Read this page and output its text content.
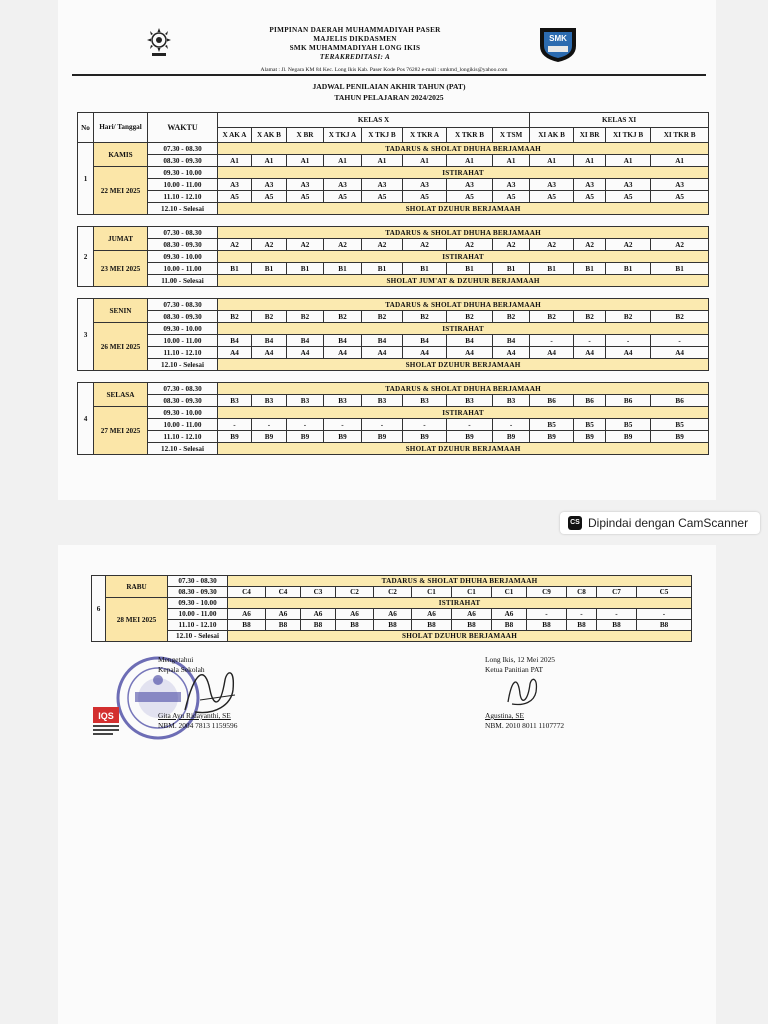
PIMPINAN DAERAH MUHAMMADIYAH PASER
MAJELIS DIKDASMEN
SMK MUHAMMADIYAH LONG IKIS
TERAKREDITASI: A
Alamat : Jl. Negara KM 84 Kec. Long Ikis Kab. Paser Kode Pos 76282 e-mail : smkmd_longikis@yahoo.com
SMK
JADWAL PENILAIAN AKHIR TAHUN (PAT)
TAHUN PELAJARAN 2024/2025
No	Hari/ Tanggal	WAKTU	KELAS X								KELAS XI			
			X AK A	X AK B	X BR	X TKJ A	X TKJ B	X TKR A	X TKR B	X TSM	XI AK B	XI BR	XI TKJ B	XI TKR B
1	KAMIS	07.30 - 08.30	TADARUS & SHOLAT DHUHA BERJAMAAH											
		08.30 - 09.30	A1	A1	A1	A1	A1	A1	A1	A1	A1	A1	A1	A1
	22 MEI 2025	09.30 - 10.00	ISTIRAHAT											
		10.00 - 11.00	A3	A3	A3	A3	A3	A3	A3	A3	A3	A3	A3	A3
		11.10 - 12.10	A5	A5	A5	A5	A5	A5	A5	A5	A5	A5	A5	A5
		12.10 - Selesai	SHOLAT DZUHUR BERJAMAAH											

2	JUMAT	07.30 - 08.30	TADARUS & SHOLAT DHUHA BERJAMAAH											
		08.30 - 09.30	A2	A2	A2	A2	A2	A2	A2	A2	A2	A2	A2	A2
	23 MEI 2025	09.30 - 10.00	ISTIRAHAT											
		10.00 - 11.00	B1	B1	B1	B1	B1	B1	B1	B1	B1	B1	B1	B1
		11.00 - Selesai	SHOLAT JUM'AT & DZUHUR BERJAMAAH											

3	SENIN	07.30 - 08.30	TADARUS & SHOLAT DHUHA BERJAMAAH											
		08.30 - 09.30	B2	B2	B2	B2	B2	B2	B2	B2	B2	B2	B2	B2
	26 MEI 2025	09.30 - 10.00	ISTIRAHAT											
		10.00 - 11.00	B4	B4	B4	B4	B4	B4	B4	B4	-	-	-	-
		11.10 - 12.10	A4	A4	A4	A4	A4	A4	A4	A4	A4	A4	A4	A4
		12.10 - Selesai	SHOLAT DZUHUR BERJAMAAH											

4	SELASA	07.30 - 08.30	TADARUS & SHOLAT DHUHA BERJAMAAH											
		08.30 - 09.30	B3	B3	B3	B3	B3	B3	B3	B3	B6	B6	B6	B6
	27 MEI 2025	09.30 - 10.00	ISTIRAHAT											
		10.00 - 11.00	-	-	-	-	-	-	-	-	B5	B5	B5	B5
		11.10 - 12.10	B9	B9	B9	B9	B9	B9	B9	B9	B9	B9	B9	B9
		12.10 - Selesai	SHOLAT DZUHUR BERJAMAAH											
CS Dipindai dengan CamScanner
6	RABU	07.30 - 08.30	TADARUS & SHOLAT DHUHA BERJAMAAH											
		08.30 - 09.30	C4	C4	C3	C2	C2	C1	C1	C1	C9	C8	C7	C5
	28 MEI 2025	09.30 - 10.00	ISTIRAHAT											
		10.00 - 11.00	A6	A6	A6	A6	A6	A6	A6	A6	-	-	-	-
		11.10 - 12.10	B8	B8	B8	B8	B8	B8	B8	B8	B8	B8	B8	B8
		12.10 - Selesai	SHOLAT DZUHUR BERJAMAAH											
IQS
Mengetahui
Kepala Sekolah
Gita Ayu Ridayanthi, SE
NBM. 2004 7813 1159596
Long Ikis, 12 Mei 2025
Ketua Panitian PAT
Agustina, SE
NBM. 2010 8011 1107772
